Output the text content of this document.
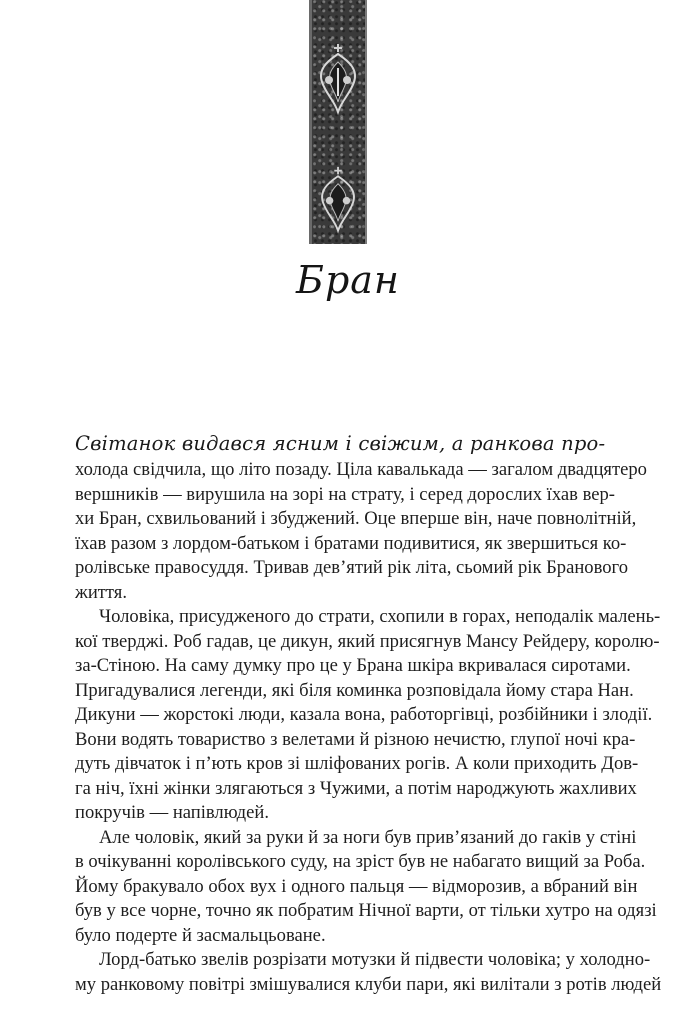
Бран
Світанок видався ясним і свіжим, а ранкова про-
холода свідчила, що літо позаду. Ціла кавалькада — загалом двадцятеро
вершників — вирушила на зорі на страту, і серед дорослих їхав вер-
хи Бран, схвильований і збуджений. Оце вперше він, наче повнолітній,
їхав разом з лордом-батьком і братами подивитися, як звершиться ко-
ролівське правосуддя. Тривав дев’ятий рік літа, сьомий рік Бранового
життя.
Чоловіка, присудженого до страти, схопили в горах, неподалік малень-
кої тверджі. Роб гадав, це дикун, який присягнув Мансу Рейдеру, королю-
за-Стіною. На саму думку про це у Брана шкіра вкривалася сиротами.
Пригадувалися легенди, які біля коминка розповідала йому стара Нан.
Дикуни — жорстокі люди, казала вона, работоргівці, розбійники і злодії.
Вони водять товариство з велетами й різною нечистю, глупої ночі кра-
дуть дівчаток і п’ють кров зі шліфованих рогів. А коли приходить Дов-
га ніч, їхні жінки злягаються з Чужими, а потім народжують жахливих
покручів — напівлюдей.
Але чоловік, який за руки й за ноги був прив’язаний до гаків у стіні
в очікуванні королівського суду, на зріст був не набагато вищий за Роба.
Йому бракувало обох вух і одного пальця — відморозив, а вбраний він
був у все чорне, точно як побратим Нічної варти, от тільки хутро на одязі
було подерте й засмальцьоване.
Лорд-батько звелів розрізати мотузки й підвести чоловіка; у холодно-
му ранковому повітрі змішувалися клуби пари, які вилітали з ротів людей
